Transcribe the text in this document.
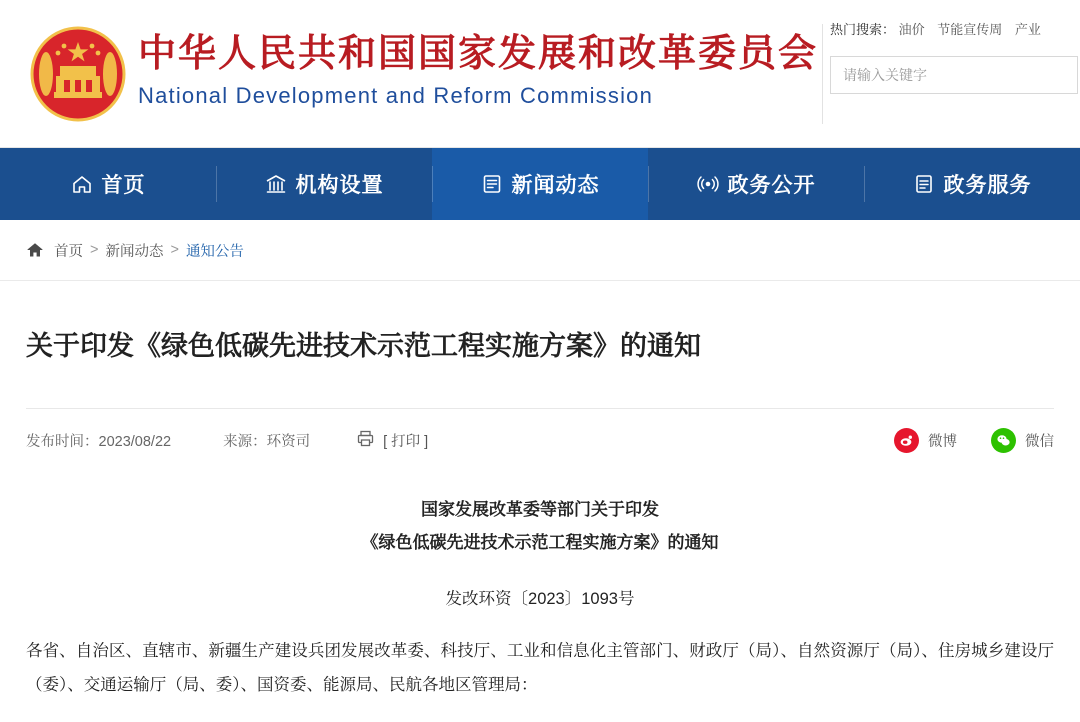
中华人民共和国国家发展和改革委员会
National Development and Reform Commission
热门搜索： 油价 节能宣传周 产业
请输入关键字
首页	机构设置	新闻动态	政务公开	政务服务
首页 > 新闻动态 > 通知公告
关于印发《绿色低碳先进技术示范工程实施方案》的通知
发布时间：2023/08/22	来源：环资司	[ 打印 ]	微博	微信
国家发展改革委等部门关于印发
《绿色低碳先进技术示范工程实施方案》的通知
发改环资〔2023〕1093号
各省、自治区、直辖市、新疆生产建设兵团发展改革委、科技厅、工业和信息化主管部门、财政厅（局）、自然资源厅（局）、住房城乡建设厅（委）、交通运输厅（局、委）、国资委、能源局、民航各地区管理局：
